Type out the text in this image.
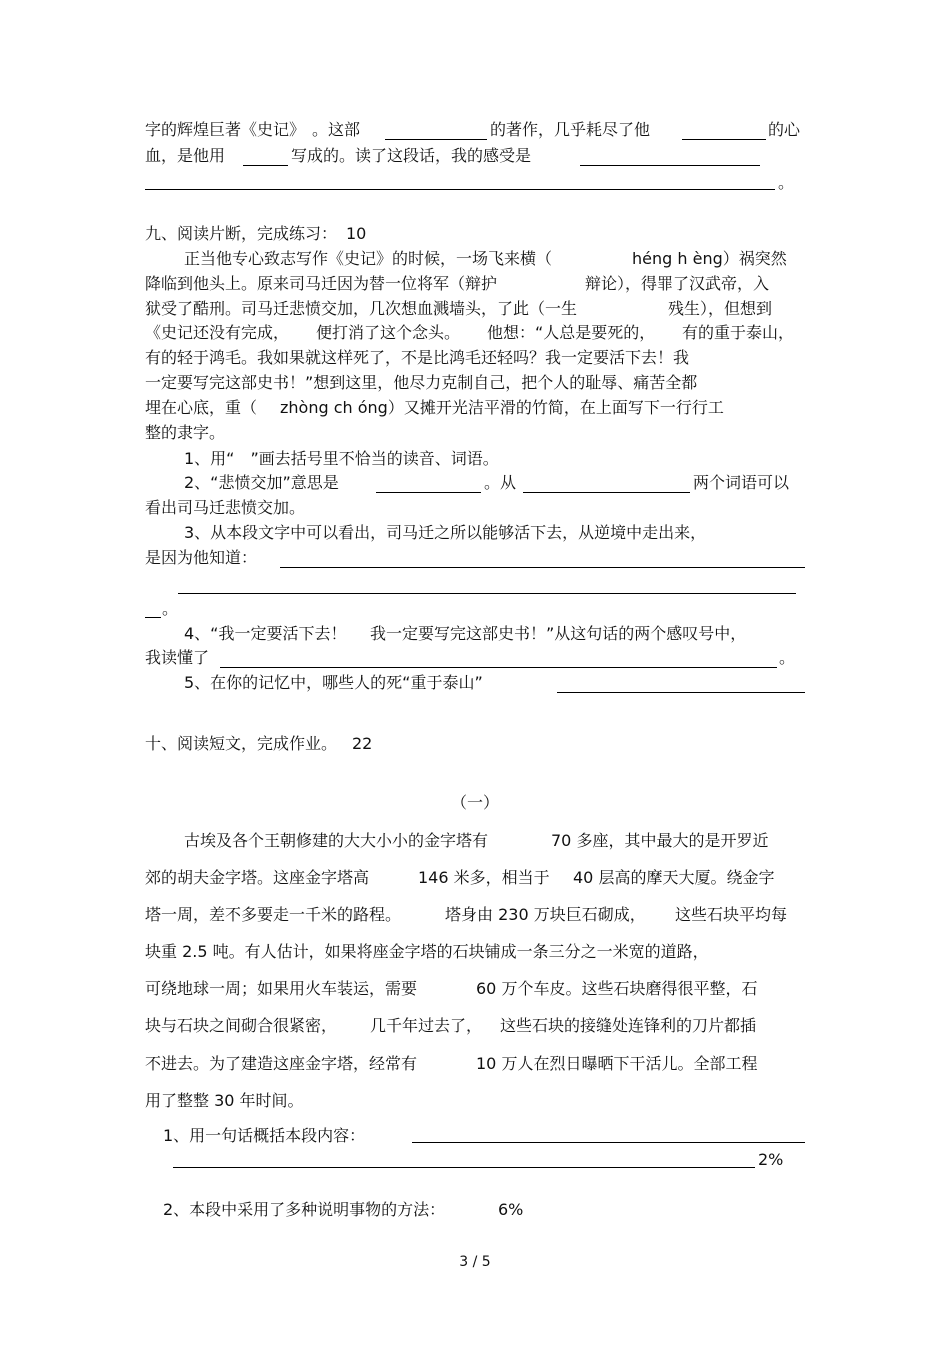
字的辉煌巨著《史记》 。这部	的著作，几乎耗尽了他	的心
血，是他用	写成的。读了这段话，我的感受是
。
九、阅读片断，完成练习： 10
正当他专心致志写作《史记》的时候，一场飞来横（	héng h èng）祸突然
降临到他头上。原来司马迁因为替一位将军（辩护	辩论），得罪了汉武帝，入
狱受了酷刑。司马迁悲愤交加，几次想血溅墙头，了此（一生	残生），但想到
《史记还没有完成， 便打消了这个念头。 他想：“人总是要死的， 有的重于泰山，
有的轻于鸿毛。我如果就这样死了，不是比鸿毛还轻吗？我一定要活下去！我
一定要写完这部史书！”想到这里，他尽力克制自己，把个人的耻辱、痛苦全都
埋在心底，重（ zhòng ch óng）又摊开光洁平滑的竹简，在上面写下一行行工
整的隶字。
1、用“　”画去括号里不恰当的读音、词语。
2、“悲愤交加”意思是	。从	两个词语可以
看出司马迁悲愤交加。
3、从本段文字中可以看出，司马迁之所以能够活下去，从逆境中走出来，
是因为他知道：
。
4、“我一定要活下去！ 我一定要写完这部史书！”从这句话的两个感叹号中，
我读懂了	。
5、在你的记忆中，哪些人的死“重于泰山”
十、阅读短文，完成作业。 22
（一）
古埃及各个王朝修建的大大小小的金字塔有	70 多座，其中最大的是开罗近
郊的胡夫金字塔。这座金字塔高	146 米多，相当于 40 层高的摩天大厦。绕金字
塔一周，差不多要走一千米的路程。	塔身由 230 万块巨石砌成， 这些石块平均每
块重 2.5 吨。有人估计，如果将座金字塔的石块铺成一条三分之一米宽的道路，
可绕地球一周；如果用火车装运，需要	60 万个车皮。这些石块磨得很平整，石
块与石块之间砌合很紧密， 几千年过去了， 这些石块的接缝处连锋利的刀片都插
不进去。为了建造这座金字塔，经常有	10 万人在烈日曝晒下干活儿。全部工程
用了整整 30 年时间。
1、用一句话概括本段内容：
2%
2、本段中采用了多种说明事物的方法：	6%
3 / 5
